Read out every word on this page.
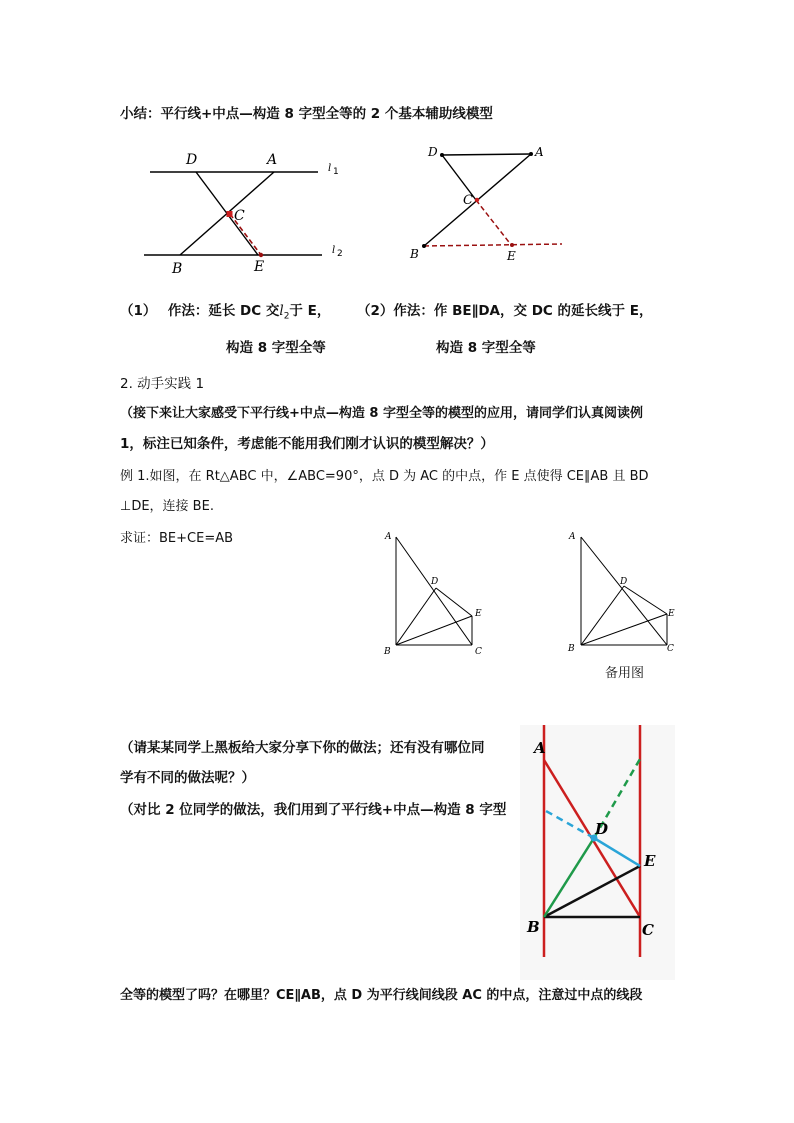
小结：平行线+中点—构造 8 字型全等的 2 个基本辅助线模型
D	A
C
B	E
l 1
l 2
D	A
C
B	E
（1）　 作法：延长 DC 交$l_2$于 E， （2）作法：作 BE∥DA，交 DC 的延长线于 E，
构造 8 字型全等	构造 8 字型全等
2. 动手实践 1
（接下来让大家感受下平行线+中点—构造 8 字型全等的模型的应用，请同学们认真阅读例
1，标注已知条件，考虑能不能用我们刚才认识的模型解决？）
例 1.如图，在 Rt△ABC 中，∠ABC=90°，点 D 为 AC 的中点，作 E 点使得 CE∥AB 且 BD
⊥DE，连接 BE.
求证：BE+CE=AB	A
B	C
D
E
A
B	C
D
E
备用图
（请某某同学上黑板给大家分享下你的做法；还有没有哪位同
学有不同的做法呢？）
（对比 2 位同学的做法，我们用到了平行线+中点—构造 8 字型
A
B	C
D
E
全等的模型了吗？在哪里？CE∥AB，点 D 为平行线间线段 AC 的中点，注意过中点的线段
